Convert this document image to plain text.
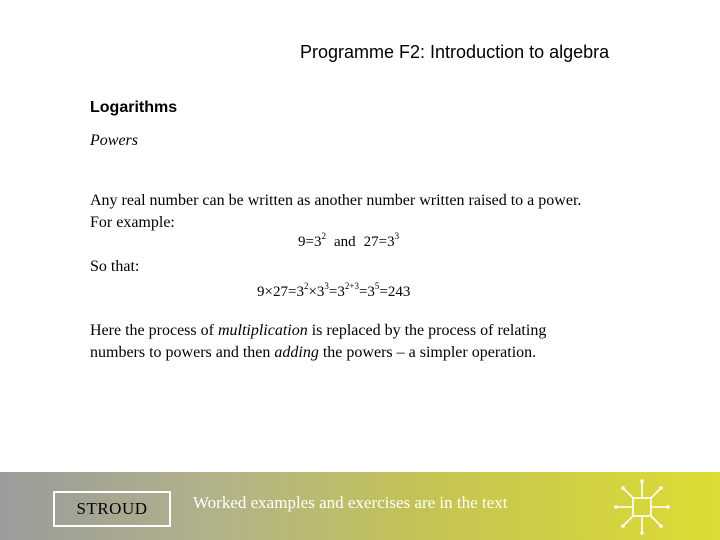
Programme F2: Introduction to algebra
Logarithms
Powers
Any real number can be written as another number written raised to a power.
For example:
$9=3^2$ and $27=3^3$
So that:
$9\times 27=3^2\times 3^3=3^{2+3}=3^5=243$
Here the process of multiplication is replaced by the process of relating
numbers to powers and then adding the powers – a simpler operation.
STROUD	Worked examples and exercises are in the text
